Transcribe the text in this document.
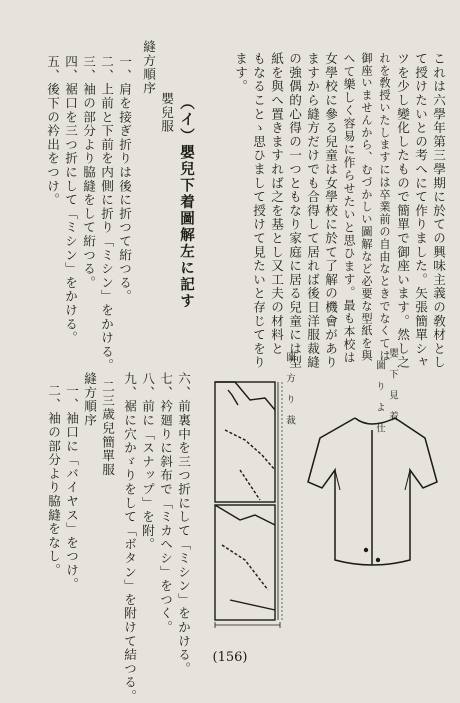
これは六學年第三學期に於ての興味主義の敎材とし
て授けたいとの考へにて作りました。矢張簡單シャ
ツを少し變化したもので簡單で御座います。然し之
れを敎授いたしますには卒業前の自由なときでなくては
御座いませんから、むづかしい圖解など必要な型紙を與
へて樂しく容易に作らせたいと思ひます。最も本校は
女學校に參る兒童は女學校に於て了解の機會があり
ますから縫方だけでも合得して居れば後日洋服裁縫
の強偶的心得の一つともなり家庭に居る兒童には型
紙を與へ置きますれば之を基とし又工夫の材料と
もなることゝ思ひまして授けて見たいと存じてをり
ます。
（イ）嬰兒下着圖解左に記す
嬰兒服
縫方順序
一、肩を接ぎ折りは後に折つて絎つる。
二、上前と下前を内側に折り「ミシン」をかける。
三、袖の部分より脇縫をして絎つる。
四、裾口を三つ折にして「ミシン」をかける。
五、後下の衿出をつけ。
六、前裏中を三つ折にして「ミシン」をかける。
七、衿廻りに斜布で「ミカヘシ」をつく。
八、前に「スナップ」を附。
九、裾に穴かゞりをして「ボタン」を附けて結つる。
二三歳兒簡單服
縫方順序
一、袖口に「バイヤス」をつけ。
二、袖の部分より脇縫をなし。	圖　方　り　裁	嬰　下　見　着
圖　り　よ　仕
(156)
